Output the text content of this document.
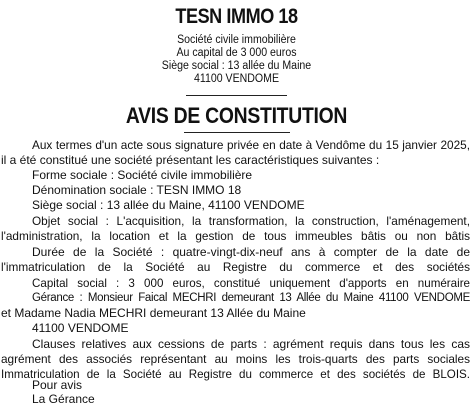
TESN IMMO 18
Société civile immobilière
Au capital de 3 000 euros
Siège social : 13 allée du Maine
41100 VENDOME
AVIS DE CONSTITUTION
Aux termes d'un acte sous signature privée en date à Vendôme du 15 janvier 2025,
il a été constitué une société présentant les caractéristiques suivantes :
Forme sociale : Société civile immobilière
Dénomination sociale : TESN IMMO 18
Siège social : 13 allée du Maine, 41100 VENDOME
Objet social : L'acquisition, la transformation, la construction, l'aménagement,
l'administration, la location et la gestion de tous immeubles bâtis ou non bâtis
Durée de la Société : quatre-vingt-dix-neuf ans à compter de la date de
l'immatriculation de la Société au Registre du commerce et des sociétés
Capital social : 3 000 euros, constitué uniquement d'apports en numéraire
Gérance : Monsieur Faical MECHRI demeurant 13 Allée du Maine 41100 VENDOME
et Madame Nadia MECHRI demeurant 13 Allée du Maine
41100 VENDOME
Clauses relatives aux cessions de parts : agrément requis dans tous les cas
agrément des associés représentant au moins les trois-quarts des parts sociales
Immatriculation de la Société au Registre du commerce et des sociétés de BLOIS.
Pour avis
La Gérance
